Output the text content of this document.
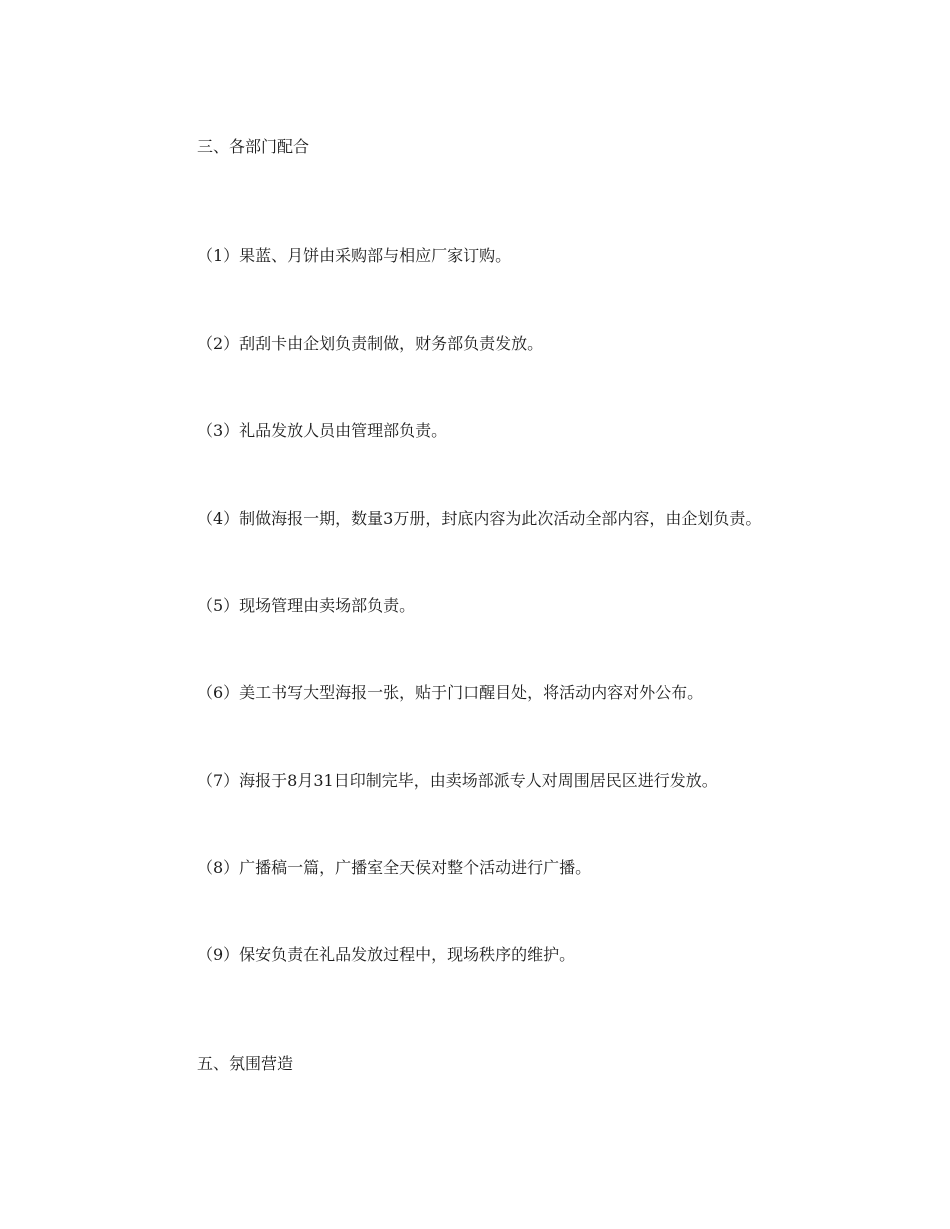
三、各部门配合
（1）果蓝、月饼由采购部与相应厂家订购。
（2）刮刮卡由企划负责制做，财务部负责发放。
（3）礼品发放人员由管理部负责。
（4）制做海报一期，数量3万册，封底内容为此次活动全部内容，由企划负责。
（5）现场管理由卖场部负责。
（6）美工书写大型海报一张，贴于门口醒目处，将活动内容对外公布。
（7）海报于8月31日印制完毕，由卖场部派专人对周围居民区进行发放。
（8）广播稿一篇，广播室全天侯对整个活动进行广播。
（9）保安负责在礼品发放过程中，现场秩序的维护。
五、氛围营造
